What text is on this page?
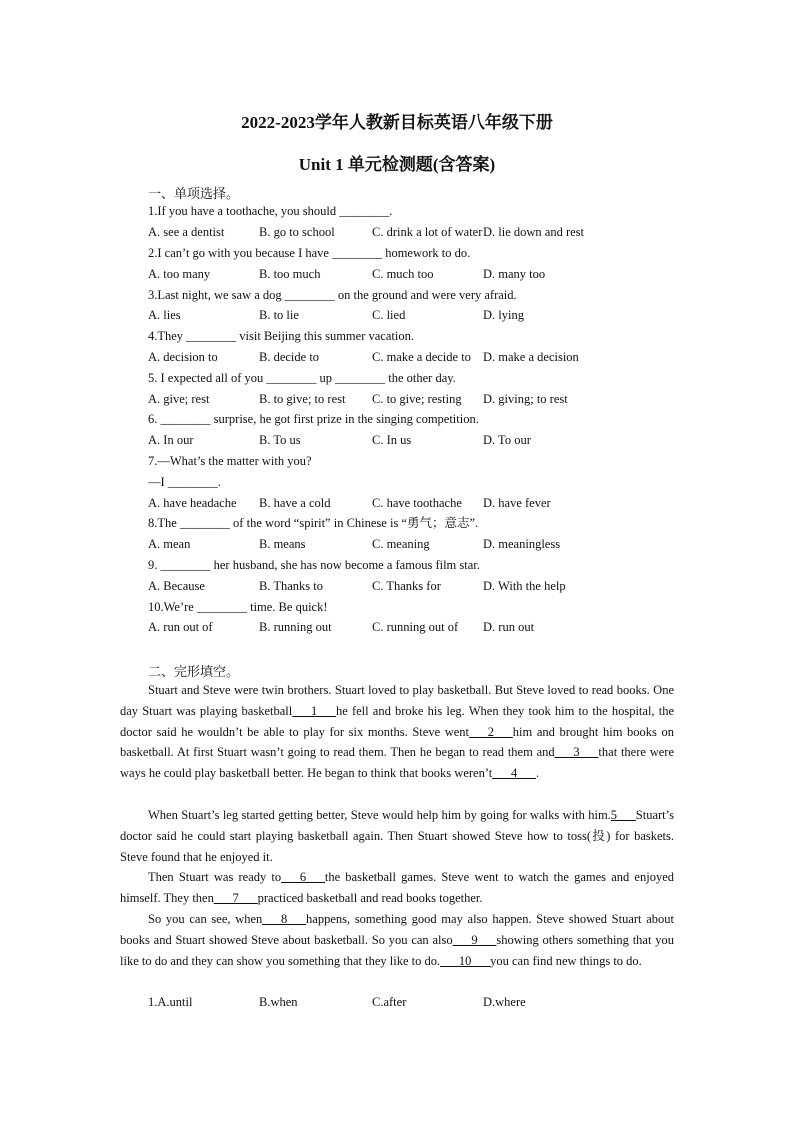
2022-2023学年人教新目标英语八年级下册
Unit 1 单元检测题(含答案)
一、单项选择。
1.If you have a toothache, you should ________.
A. see a dentist	B. go to school	C. drink a lot of water D. lie down and rest
2.I can’t go with you because I have ________ homework to do.
A. too many	B. too much	C. much too	D. many too
3.Last night, we saw a dog ________ on the ground and were very afraid.
A. lies	B. to lie	C. lied	D. lying
4.They ________ visit Beijing this summer vacation.
A. decision to	B. decide to	C. make a decide to D. make a decision
5. I expected all of you ________ up ________ the other day.
A. give; rest	B. to give; to rest C. to give; resting D. giving; to rest
6. ________ surprise, he got first prize in the singing competition.
A. In our	B. To us	C. In us	D. To our
7.—What’s the matter with you?
—I ________.
A. have headache B. have a cold	C. have toothache D. have fever
8.The ________ of the word “spirit” in Chinese is “勇气；意志”.
A. mean	B. means	C. meaning	D. meaningless
9. ________ her husband, she has now become a famous film star.
A. Because	B. Thanks to	C. Thanks for	D. With the help
10.We’re ________ time. Be quick!
A. run out of	B. running out	C. running out of D. run out
二、完形填空。
Stuart and Steve were twin brothers. Stuart loved to play basketball. But Steve loved to read books. One day Stuart was playing basketball___1___he fell and broke his leg. When they took him to the hospital, the doctor said he wouldn’t be able to play for six months. Steve went___2___him and brought him books on basketball. At first Stuart wasn’t going to read them. Then he began to read them and___3___that there were ways he could play basketball better. He began to think that books weren’t___4___.
When Stuart’s leg started getting better, Steve would help him by going for walks with him.5___Stuart’s doctor said he could start playing basketball again. Then Stuart showed Steve how to toss(投) for baskets. Steve found that he enjoyed it.
Then Stuart was ready to___6___the basketball games. Steve went to watch the games and enjoyed himself. They then___7___practiced basketball and read books together.
So you can see, when___8___happens, something good may also happen. Steve showed Stuart about books and Stuart showed Steve about basketball. So you can also___9___showing others something that you like to do and they can show you something that they like to do.___10___you can find new things to do.
1.A.until	B.when	C.after	D.where
